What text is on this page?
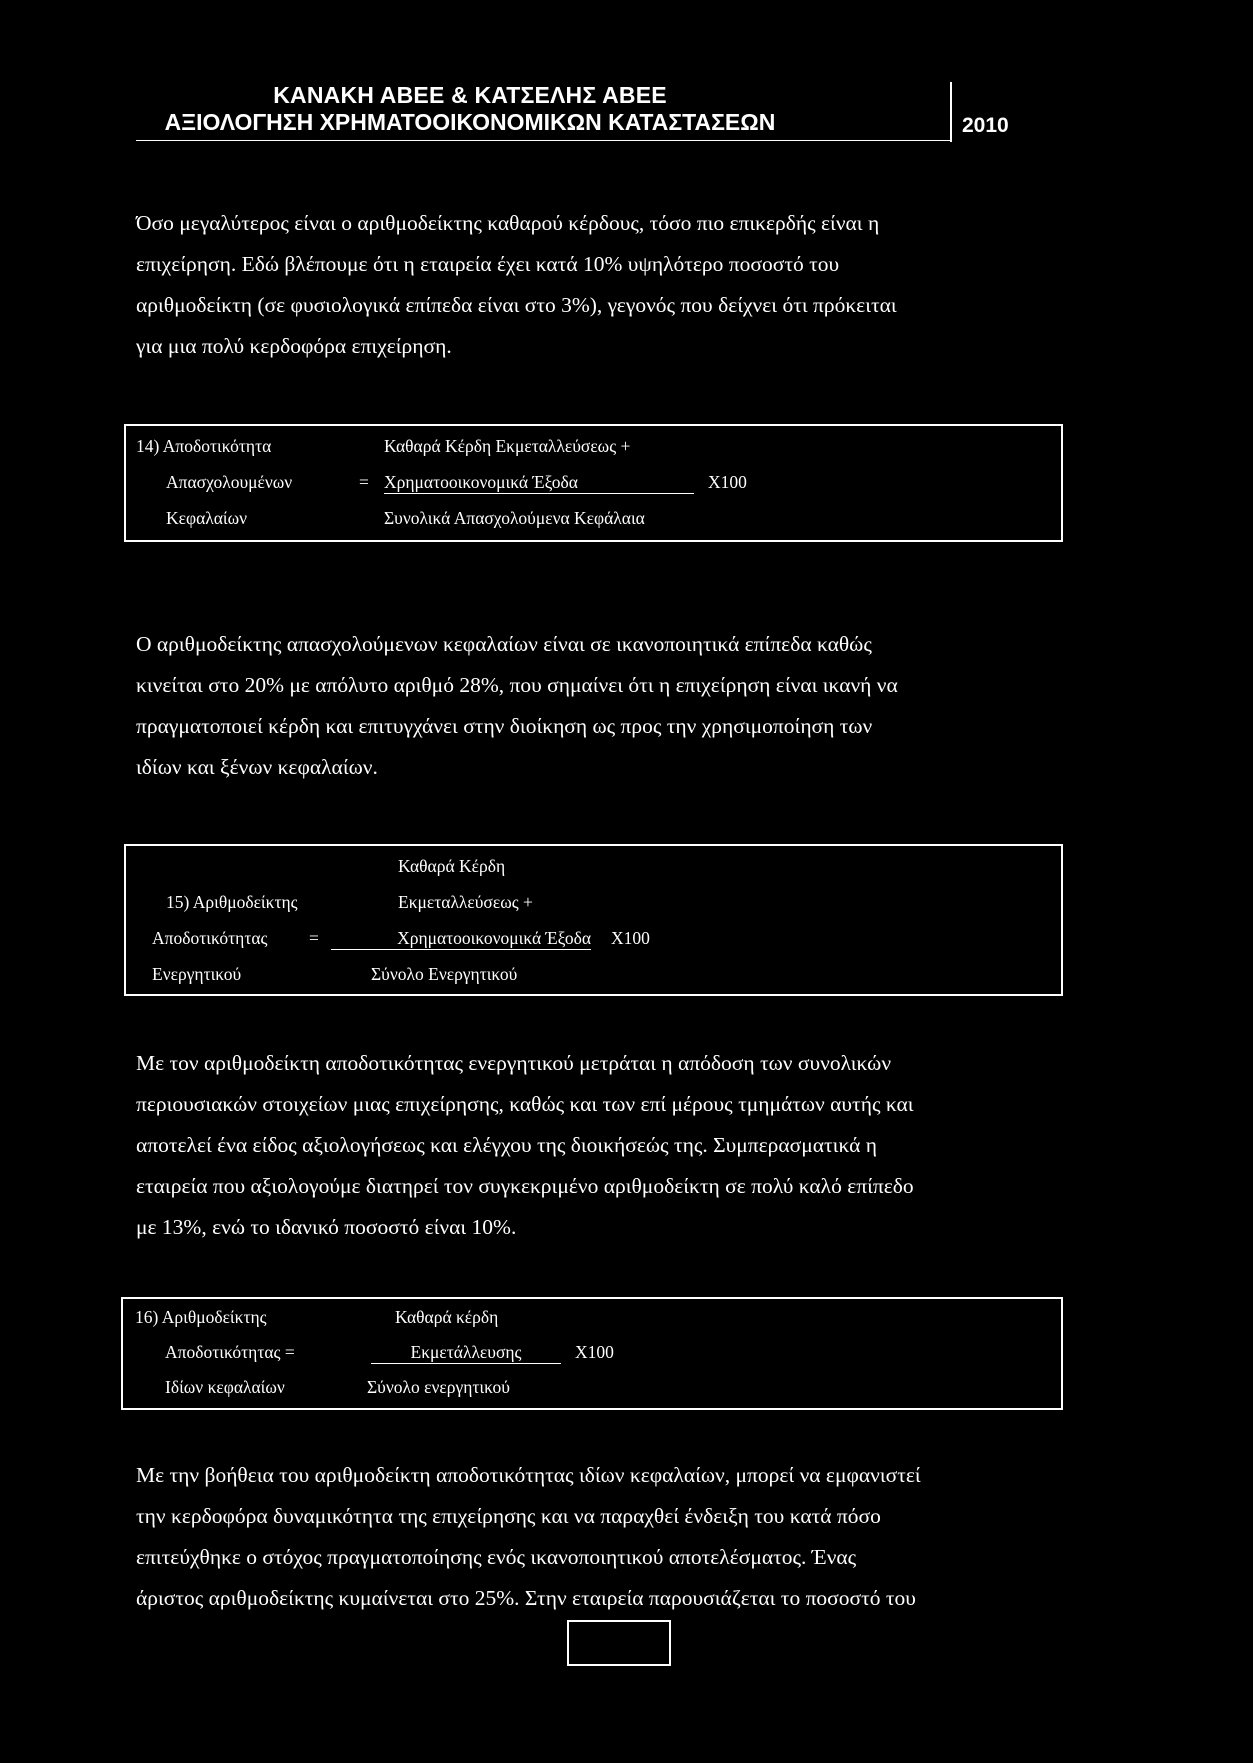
ΚΑΝΑΚΗ ΑΒΕΕ & ΚΑΤΣΕΛΗΣ ΑΒΕΕ
ΑΞΙΟΛΟΓΗΣΗ ΧΡΗΜΑΤΟΟΙΚΟΝΟΜΙΚΩΝ ΚΑΤΑΣΤΑΣΕΩΝ	2010
Όσο μεγαλύτερος είναι ο αριθμοδείκτης καθαρού κέρδους, τόσο πιο επικερδής είναι η
επιχείρηση. Εδώ βλέπουμε ότι η εταιρεία έχει κατά 10% υψηλότερο ποσοστό του
αριθμοδείκτη (σε φυσιολογικά επίπεδα είναι στο 3%), γεγονός που δείχνει ότι πρόκειται
για μια πολύ κερδοφόρα επιχείρηση.
14) Αποδοτικότητα
Απασχολουμένων
Κεφαλαίων
=
Καθαρά Κέρδη Εκμεταλλεύσεως +
Χρηματοοικονομικά Έξοδα
Συνολικά Απασχολούμενα Κεφάλαια
Χ100
Ο αριθμοδείκτης απασχολούμενων κεφαλαίων είναι σε ικανοποιητικά επίπεδα καθώς
κινείται στο 20% με απόλυτο αριθμό 28%, που σημαίνει ότι η επιχείρηση είναι ικανή να
πραγματοποιεί κέρδη και επιτυγχάνει στην διοίκηση ως προς την χρησιμοποίηση των
ιδίων και ξένων κεφαλαίων.
Καθαρά Κέρδη
15) Αριθμοδείκτης	Εκμεταλλεύσεως +
Αποδοτικότητας =	Χρηματοοικονομικά Έξοδα Χ100
Ενεργητικού	Σύνολο Ενεργητικού
Με τον αριθμοδείκτη αποδοτικότητας ενεργητικού μετράται η απόδοση των συνολικών
περιουσιακών στοιχείων μιας επιχείρησης, καθώς και των επί μέρους τμημάτων αυτής και
αποτελεί ένα είδος αξιολογήσεως και ελέγχου της διοικήσεώς της. Συμπερασματικά η
εταιρεία που αξιολογούμε διατηρεί τον συγκεκριμένο αριθμοδείκτη σε πολύ καλό επίπεδο
με 13%, ενώ το ιδανικό ποσοστό είναι 10%.
16) Αριθμοδείκτης
Αποδοτικότητας =
Ιδίων κεφαλαίων
Καθαρά κέρδη
Εκμετάλλευσης	Χ100
Σύνολο ενεργητικού
Με την βοήθεια του αριθμοδείκτη αποδοτικότητας ιδίων κεφαλαίων, μπορεί να εμφανιστεί
την κερδοφόρα δυναμικότητα της επιχείρησης και να παραχθεί ένδειξη του κατά πόσο
επιτεύχθηκε ο στόχος πραγματοποίησης ενός ικανοποιητικού αποτελέσματος. Ένας
άριστος αριθμοδείκτης κυμαίνεται στο 25%. Στην εταιρεία παρουσιάζεται το ποσοστό του
